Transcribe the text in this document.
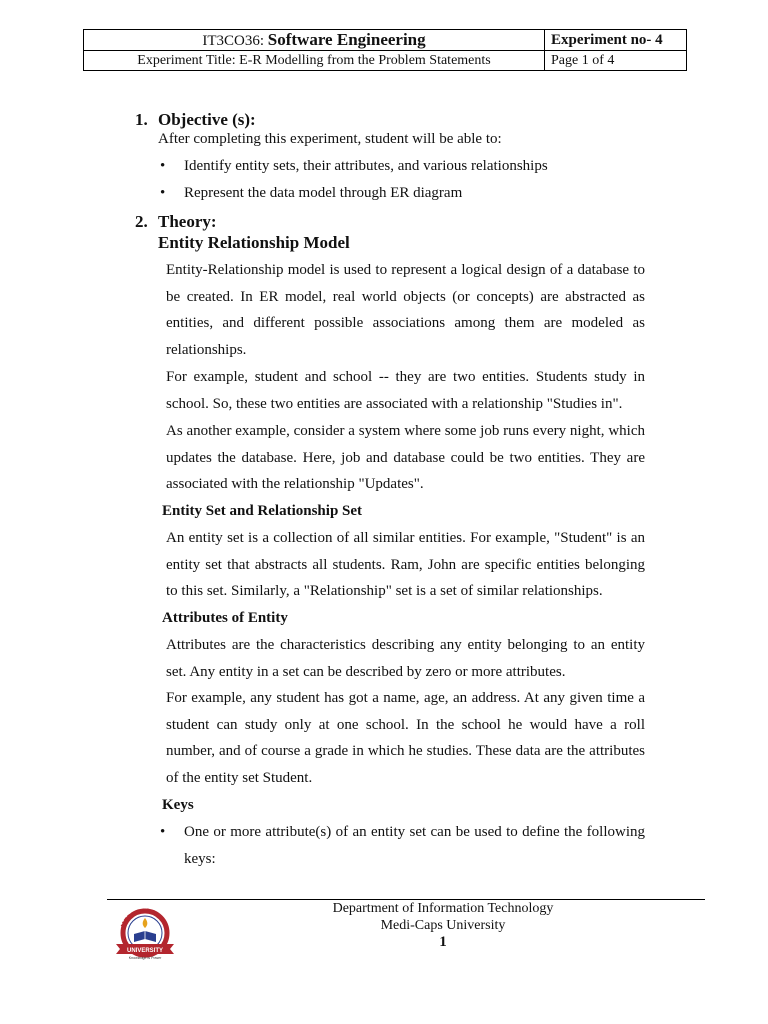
IT3CO36: Software Engineering	Experiment no- 4
Experiment Title: E-R Modelling from the Problem Statements	Page 1 of 4
1. Objective (s):
After completing this experiment, student will be able to:
• Identify entity sets, their attributes, and various relationships
• Represent the data model through ER diagram
2. Theory:
Entity Relationship Model
Entity-Relationship model is used to represent a logical design of a database to be created. In ER model, real world objects (or concepts) are abstracted as entities, and different possible associations among them are modeled as relationships.
For example, student and school -- they are two entities. Students study in school. So, these two entities are associated with a relationship "Studies in".
As another example, consider a system where some job runs every night, which updates the database. Here, job and database could be two entities. They are associated with the relationship "Updates".
Entity Set and Relationship Set
An entity set is a collection of all similar entities. For example, "Student" is an entity set that abstracts all students. Ram, John are specific entities belonging to this set. Similarly, a "Relationship" set is a set of similar relationships.
Attributes of Entity
Attributes are the characteristics describing any entity belonging to an entity set. Any entity in a set can be described by zero or more attributes.
For example, any student has got a name, age, an address. At any given time a student can study only at one school. In the school he would have a roll number, and of course a grade in which he studies. These data are the attributes of the entity set Student.
Keys
• One or more attribute(s) of an entity set can be used to define the following keys:
Department of Information Technology
Medi-Caps University
1
MEDI-CAPS
UNIVERSITY
Knowledge is Power
